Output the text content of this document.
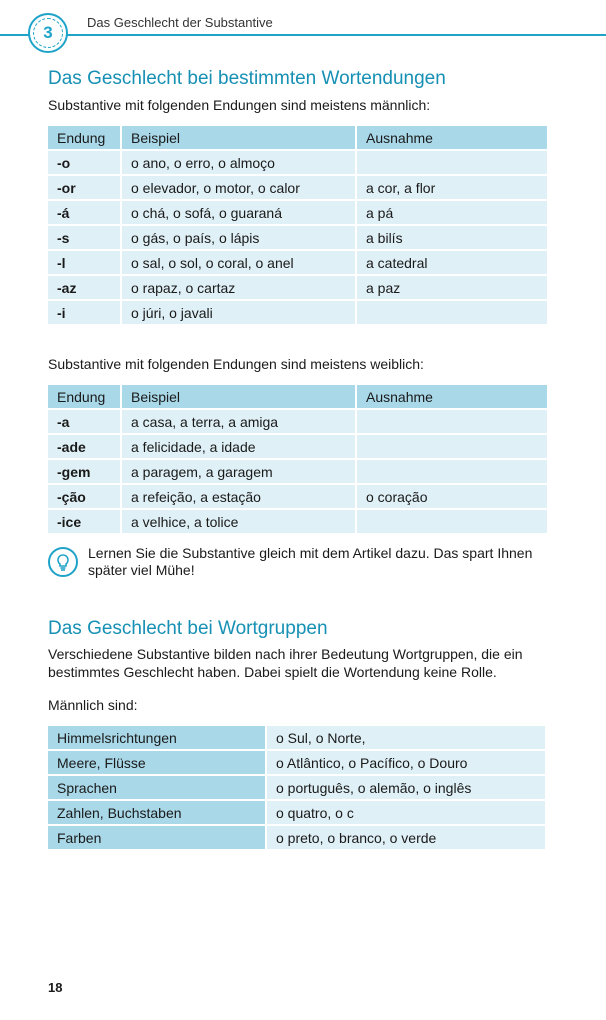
3
Das Geschlecht der Substantive
Das Geschlecht bei bestimmten Wortendungen
Substantive mit folgenden Endungen sind meistens männlich:
Endung	Beispiel	Ausnahme
-o	o ano, o erro, o almoço	
-or	o elevador, o motor, o calor	a cor, a flor
-á	o chá, o sofá, o guaraná	a pá
-s	o gás, o país, o lápis	a bilís
-l	o sal, o sol, o coral, o anel	a catedral
-az	o rapaz, o cartaz	a paz
-i	o júri, o javali	
Substantive mit folgenden Endungen sind meistens weiblich:
Endung	Beispiel	Ausnahme
-a	a casa, a terra, a amiga	
-ade	a felicidade, a idade	
-gem	a paragem, a garagem	
-ção	a refeição, a estação	o coração
-ice	a velhice, a tolice	
Lernen Sie die Substantive gleich mit dem Artikel dazu. Das spart Ihnen später viel Mühe!
Das Geschlecht bei Wortgruppen
Verschiedene Substantive bilden nach ihrer Bedeutung Wortgruppen, die ein bestimmtes Geschlecht haben. Dabei spielt die Wortendung keine Rolle.
Männlich sind:
Himmelsrichtungen	o Sul, o Norte,
Meere, Flüsse	o Atlântico, o Pacífico, o Douro
Sprachen	o português, o alemão, o inglês
Zahlen, Buchstaben	o quatro, o c
Farben	o preto, o branco, o verde
18
